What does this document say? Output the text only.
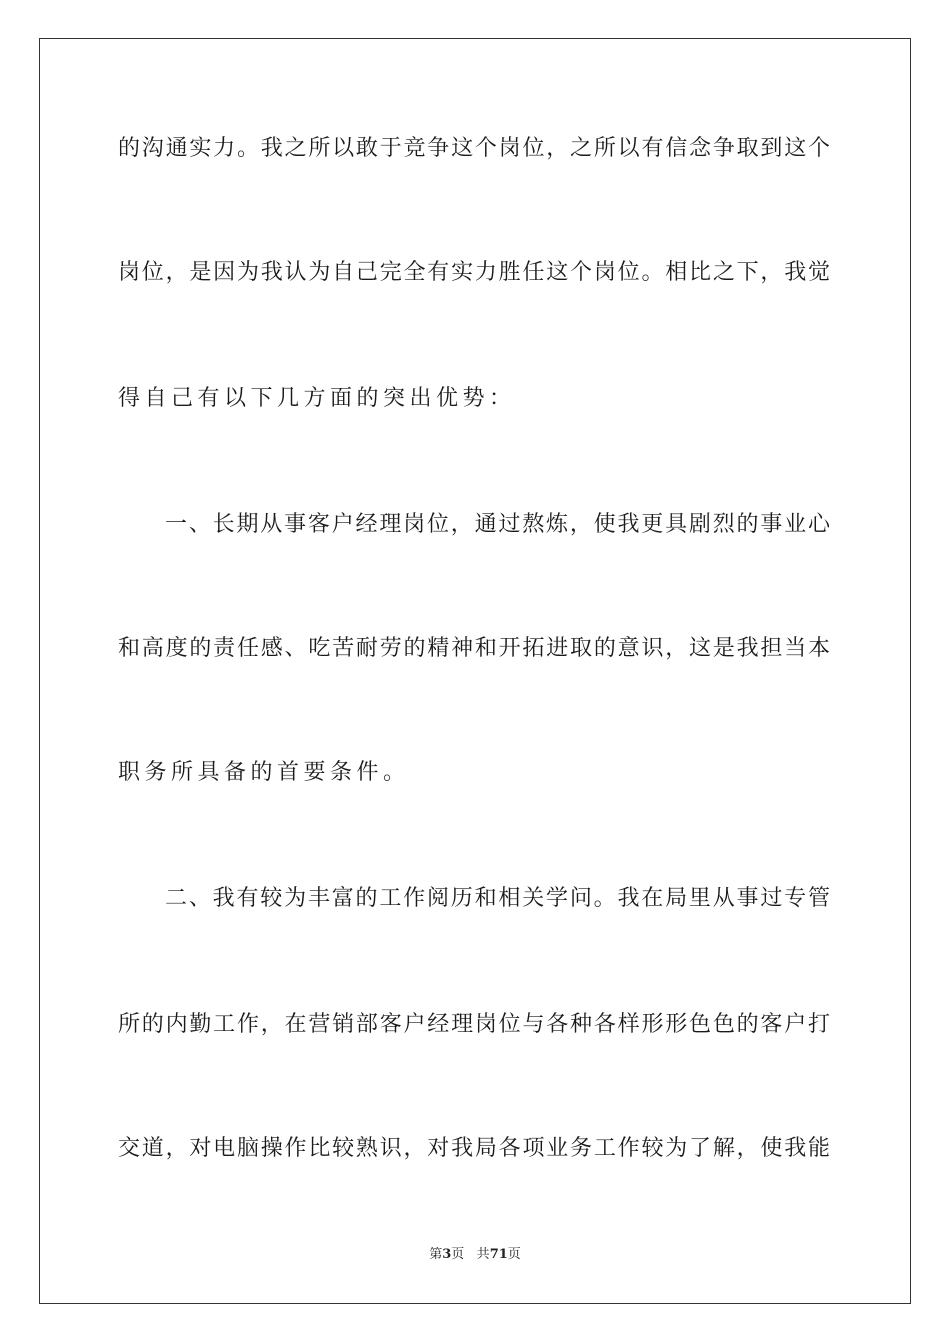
的沟通实力。我之所以敢于竞争这个岗位，之所以有信念争取到这个
岗位，是因为我认为自己完全有实力胜任这个岗位。相比之下，我觉
得自己有以下几方面的突出优势：
一、长期从事客户经理岗位，通过熬炼，使我更具剧烈的事业心
和高度的责任感、吃苦耐劳的精神和开拓进取的意识，这是我担当本
职务所具备的首要条件。
二、我有较为丰富的工作阅历和相关学问。我在局里从事过专管
所的内勤工作，在营销部客户经理岗位与各种各样形形色色的客户打
交道，对电脑操作比较熟识，对我局各项业务工作较为了解，使我能
第3页 共71页
